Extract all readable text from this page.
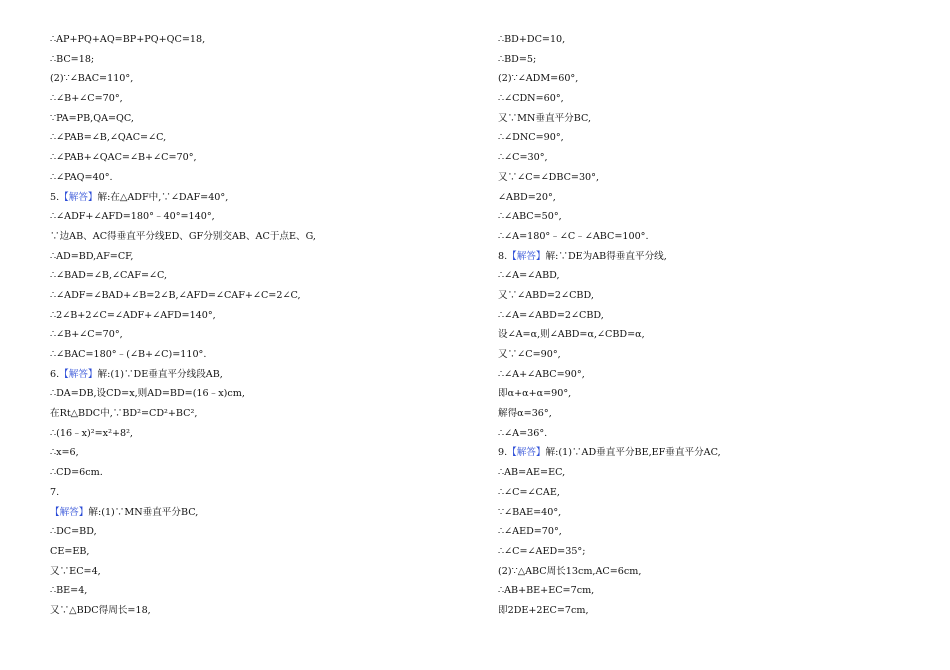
∴AP+PQ+AQ=BP+PQ+QC=18,
∴BC=18;
(2)∵∠BAC=110°,
∴∠B+∠C=70°,
∵PA=PB,QA=QC,
∴∠PAB=∠B,∠QAC=∠C,
∴∠PAB+∠QAC=∠B+∠C=70°,
∴∠PAQ=40°.
5.【解答】解:在△ADF中,∵∠DAF=40°,
∴∠ADF+∠AFD=180°﹣40°=140°,
∵边AB、AC得垂直平分线ED、GF分别交AB、AC于点E、G,
∴AD=BD,AF=CF,
∴∠BAD=∠B,∠CAF=∠C,
∴∠ADF=∠BAD+∠B=2∠B,∠AFD=∠CAF+∠C=2∠C,
∴2∠B+2∠C=∠ADF+∠AFD=140°,
∴∠B+∠C=70°,
∴∠BAC=180°﹣(∠B+∠C)=110°.
6.【解答】解:(1)∵DE垂直平分线段AB,
∴DA=DB,设CD=x,则AD=BD=(16﹣x)cm,
在Rt△BDC中,∵BD²=CD²+BC²,
∴(16﹣x)²=x²+8²,
∴x=6,
∴CD=6cm.
7.
【解答】解:(1)∵MN垂直平分BC,
∴DC=BD,
CE=EB,
又∵EC=4,
∴BE=4,
又∵△BDC得周长=18,
∴BD+DC=10,
∴BD=5;
(2)∵∠ADM=60°,
∴∠CDN=60°,
又∵MN垂直平分BC,
∴∠DNC=90°,
∴∠C=30°,
又∵∠C=∠DBC=30°,
∠ABD=20°,
∴∠ABC=50°,
∴∠A=180°﹣∠C﹣∠ABC=100°.
8.【解答】解:∵DE为AB得垂直平分线,
∴∠A=∠ABD,
又∵∠ABD=2∠CBD,
∴∠A=∠ABD=2∠CBD,
设∠A=α,则∠ABD=α,∠CBD=α,
又∵∠C=90°,
∴∠A+∠ABC=90°,
即α+α+α=90°,
解得α=36°,
∴∠A=36°.
9.【解答】解:(1)∵AD垂直平分BE,EF垂直平分AC,
∴AB=AE=EC,
∴∠C=∠CAE,
∵∠BAE=40°,
∴∠AED=70°,
∴∠C=∠AED=35°;
(2)∵△ABC周长13cm,AC=6cm,
∴AB+BE+EC=7cm,
即2DE+2EC=7cm,
